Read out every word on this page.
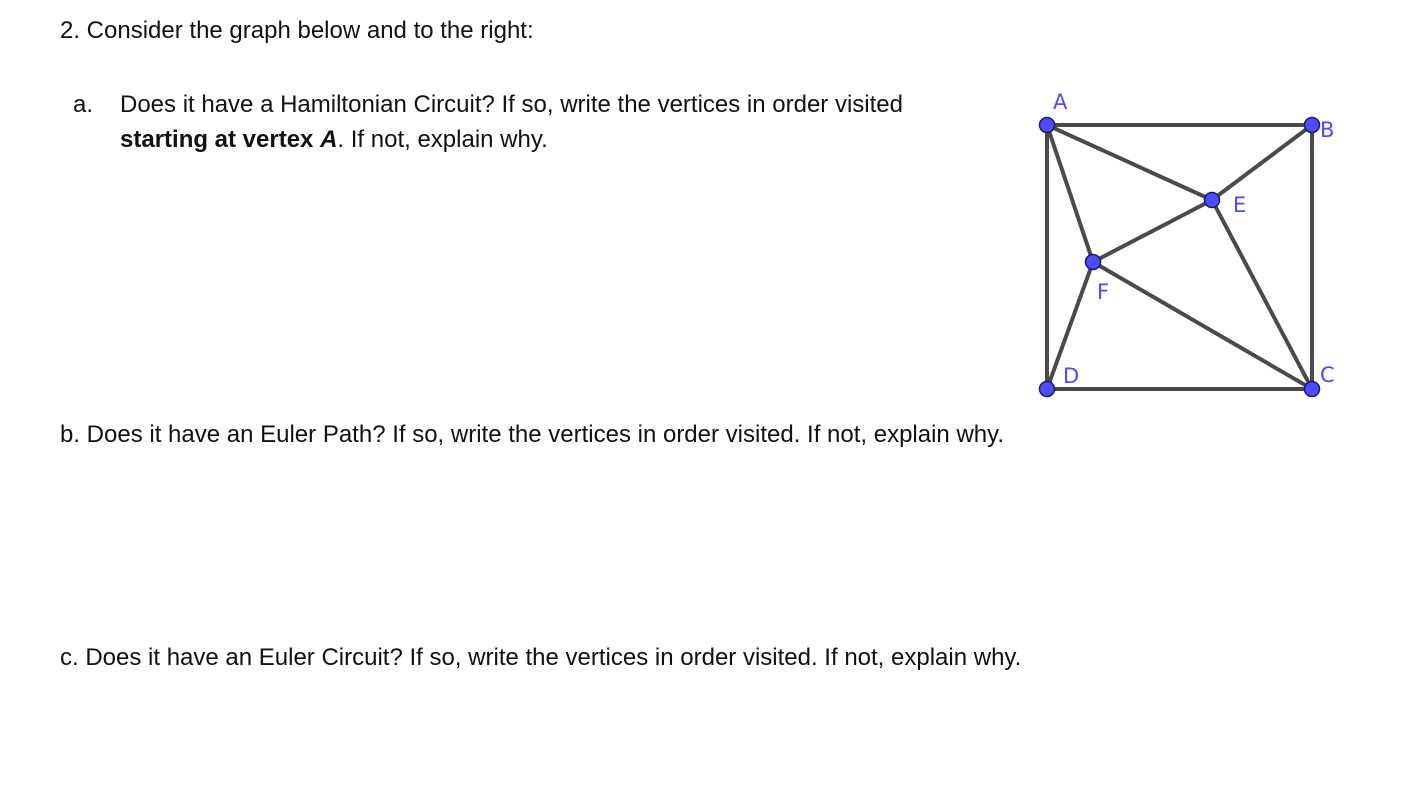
2. Consider the graph below and to the right:
a. Does it have a Hamiltonian Circuit? If so, write the vertices in order visited
starting at vertex A. If not, explain why.
b. Does it have an Euler Path? If so, write the vertices in order visited. If not, explain why.
c. Does it have an Euler Circuit? If so, write the vertices in order visited. If not, explain why.
A
B
C
D
E
F
